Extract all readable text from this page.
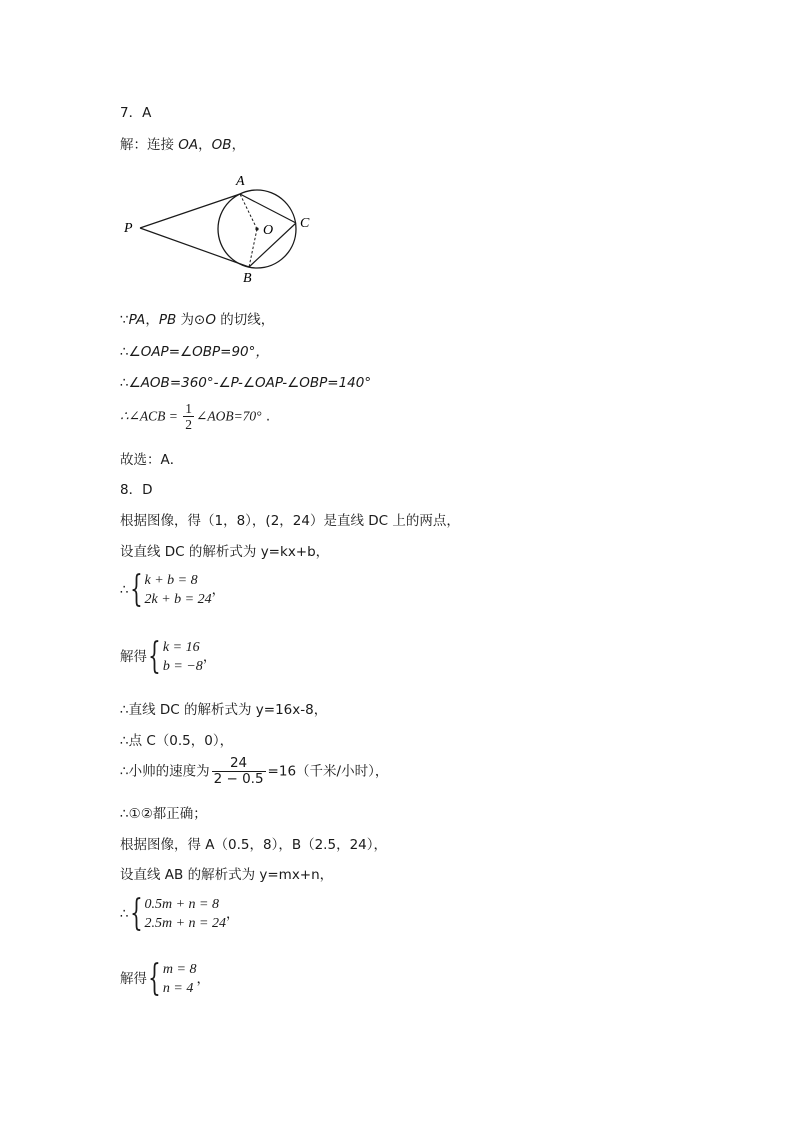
7．A
解：连接 OA，OB，
A
B
C
O
P
∵PA，PB 为⊙O 的切线，
∴∠OAP=∠OBP=90°，
∴∠AOB=360°-∠P-∠OAP-∠OBP=140°
∴∠ACB = $\frac{1}{2}$ ∠AOB=70° .
故选：A．
8．D
根据图像，得（1，8），(2，24）是直线 DC 上的两点，
设直线 DC 的解析式为 y=kx+b，
∴ { k + b = 8
2k + b = 24
，
解得 { k = 16
b = −8
，
∴直线 DC 的解析式为 y=16x-8，
∴点 C（0.5，0），
∴小帅的速度为 $\frac{24}{2 - 0.5} =16$（千米/小时），
∴①②都正确；
根据图像，得 A（0.5，8），B（2.5，24），
设直线 AB 的解析式为 y=mx+n，
∴ { 0.5m + n = 8
2.5m + n = 24
，
解得 { m = 8
n = 4
，
